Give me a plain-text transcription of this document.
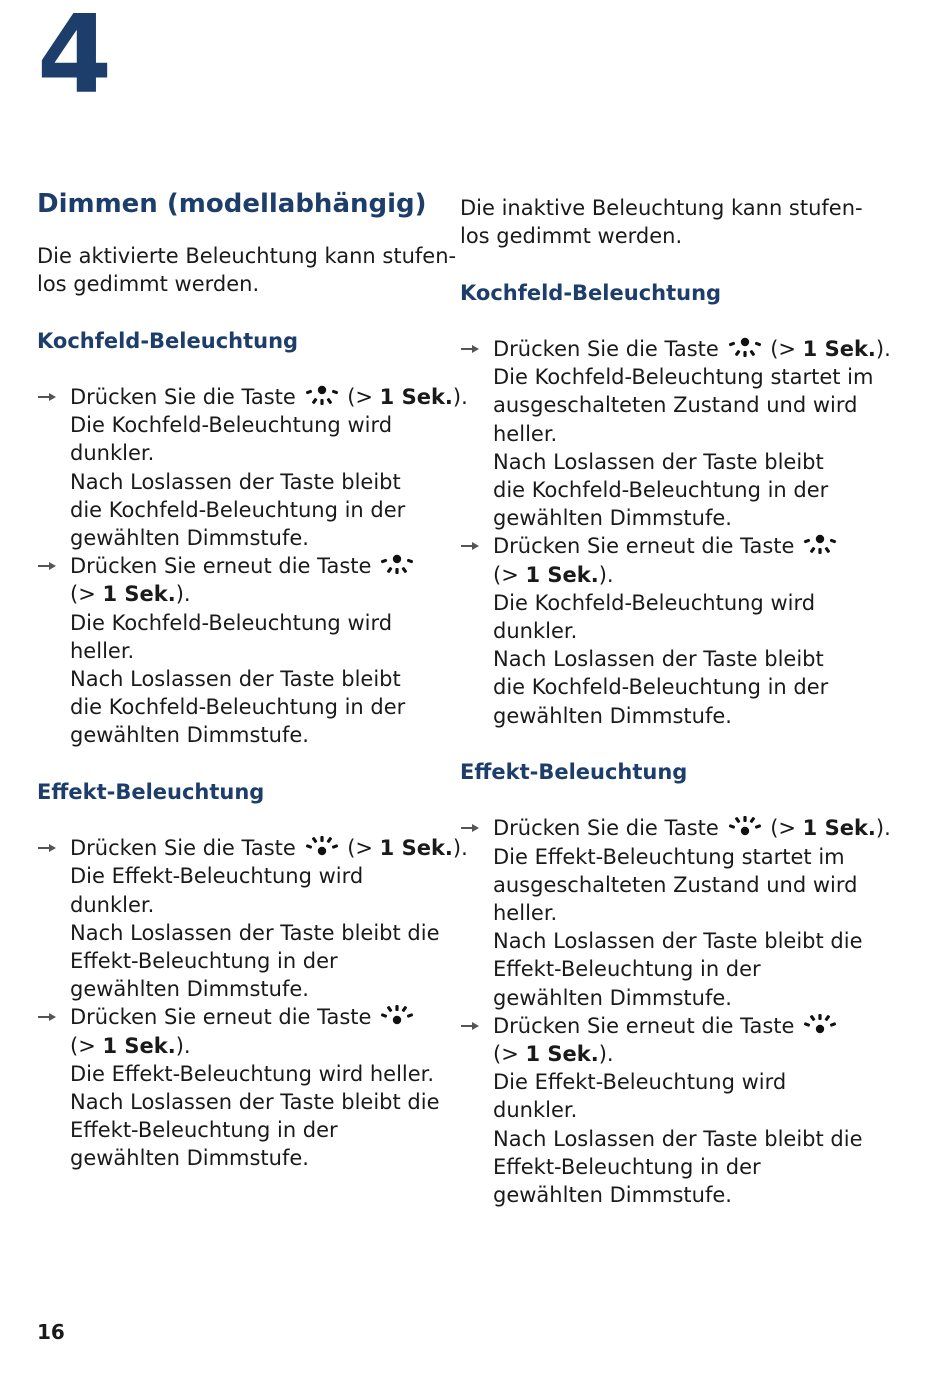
4
Dimmen (modellabhängig)

Die aktivierte Beleuchtung kann stufen-
los gedimmt werden.

Kochfeld-Beleuchtung
Drücken Sie die Taste (> 1 Sek.).
Die Kochfeld-Beleuchtung wird
dunkler.
Nach Loslassen der Taste bleibt
die Kochfeld-Beleuchtung in der
gewählten Dimmstufe.
Drücken Sie erneut die Taste
(> 1 Sek.).
Die Kochfeld-Beleuchtung wird
heller.
Nach Loslassen der Taste bleibt
die Kochfeld-Beleuchtung in der
gewählten Dimmstufe.
Effekt-Beleuchtung
Drücken Sie die Taste (> 1 Sek.).
Die Effekt-Beleuchtung wird
dunkler.
Nach Loslassen der Taste bleibt die
Effekt-Beleuchtung in der
gewählten Dimmstufe.
Drücken Sie erneut die Taste
(> 1 Sek.).
Die Effekt-Beleuchtung wird heller.
Nach Loslassen der Taste bleibt die
Effekt-Beleuchtung in der
gewählten Dimmstufe.

Die inaktive Beleuchtung kann stufen-
los gedimmt werden.

Kochfeld-Beleuchtung
Drücken Sie die Taste (> 1 Sek.).
Die Kochfeld-Beleuchtung startet im
ausgeschalteten Zustand und wird
heller.
Nach Loslassen der Taste bleibt
die Kochfeld-Beleuchtung in der
gewählten Dimmstufe.
Drücken Sie erneut die Taste
(> 1 Sek.).
Die Kochfeld-Beleuchtung wird
dunkler.
Nach Loslassen der Taste bleibt
die Kochfeld-Beleuchtung in der
gewählten Dimmstufe.
Effekt-Beleuchtung
Drücken Sie die Taste (> 1 Sek.).
Die Effekt-Beleuchtung startet im
ausgeschalteten Zustand und wird
heller.
Nach Loslassen der Taste bleibt die
Effekt-Beleuchtung in der
gewählten Dimmstufe.
Drücken Sie erneut die Taste
(> 1 Sek.).
Die Effekt-Beleuchtung wird
dunkler.
Nach Loslassen der Taste bleibt die
Effekt-Beleuchtung in der
gewählten Dimmstufe.
16
